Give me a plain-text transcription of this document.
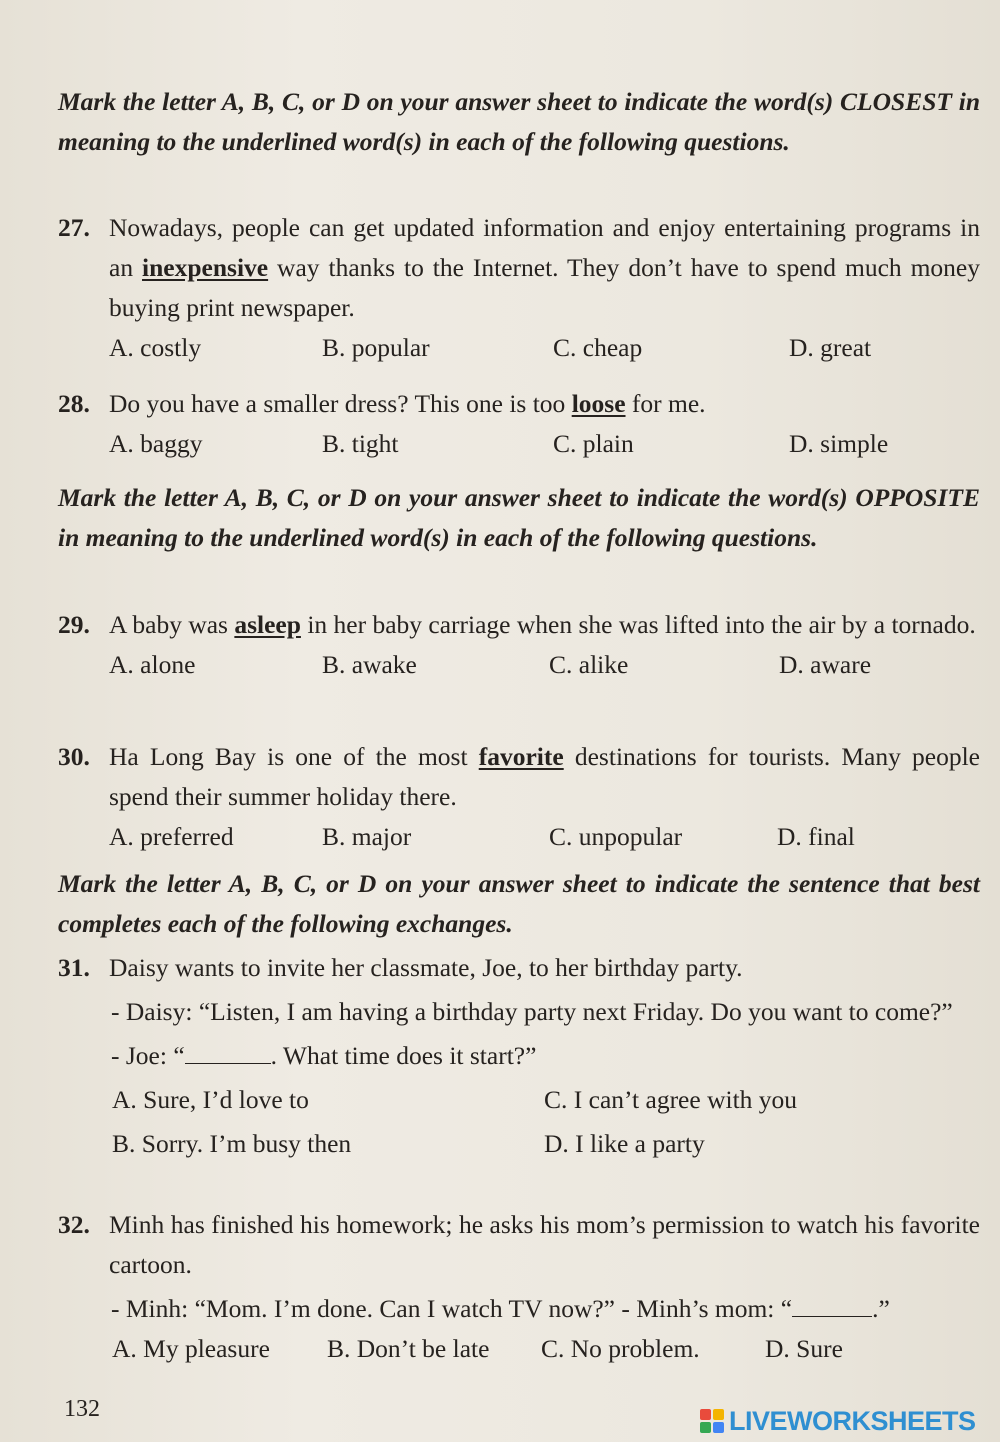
Mark the letter A, B, C, or D on your answer sheet to indicate the word(s) CLOSEST in meaning to the underlined word(s) in each of the following questions.
27. Nowadays, people can get updated information and enjoy entertaining programs in an inexpensive way thanks to the Internet. They don’t have to spend much money buying print newspaper.
A. costly	B. popular	C. cheap	D. great
28. Do you have a smaller dress? This one is too loose for me.
A. baggy	B. tight	C. plain	D. simple
Mark the letter A, B, C, or D on your answer sheet to indicate the word(s) OPPOSITE in meaning to the underlined word(s) in each of the following questions.
29. A baby was asleep in her baby carriage when she was lifted into the air by a tornado.
A. alone	B. awake	C. alike	D. aware
30. Ha Long Bay is one of the most favorite destinations for tourists. Many people spend their summer holiday there.
A. preferred	B. major	C. unpopular	D. final
Mark the letter A, B, C, or D on your answer sheet to indicate the sentence that best completes each of the following exchanges.
31. Daisy wants to invite her classmate, Joe, to her birthday party.
- Daisy: “Listen, I am having a birthday party next Friday. Do you want to come?”
- Joe: “	. What time does it start?”
A. Sure, I’d love to	C. I can’t agree with you
B. Sorry. I’m busy then	D. I like a party
32. Minh has finished his homework; he asks his mom’s permission to watch his favorite cartoon.
- Minh: “Mom. I’m done. Can I watch TV now?” - Minh’s mom: “	.”
A. My pleasure B. Don’t be late C. No problem.	D. Sure
132	LIVEWORKSHEETS
